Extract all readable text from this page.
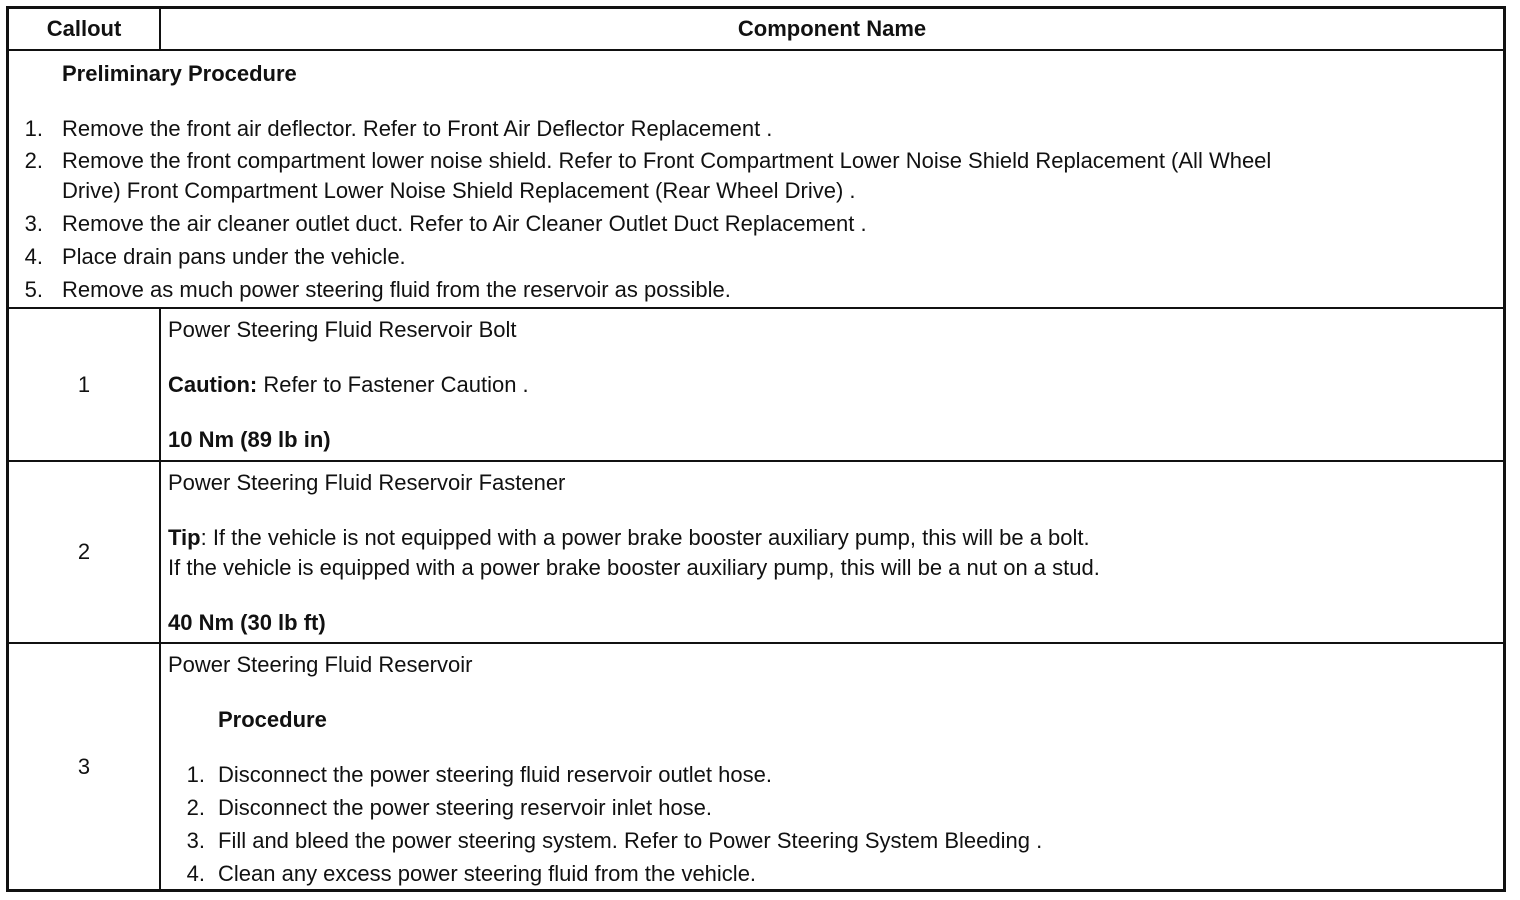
Callout	Component Name
Preliminary Procedure
1. Remove the front air deflector. Refer to Front Air Deflector Replacement .
2. Remove the front compartment lower noise shield. Refer to Front Compartment Lower Noise Shield Replacement (All Wheel
Drive) Front Compartment Lower Noise Shield Replacement (Rear Wheel Drive) .
3. Remove the air cleaner outlet duct. Refer to Air Cleaner Outlet Duct Replacement .
4. Place drain pans under the vehicle.
5. Remove as much power steering fluid from the reservoir as possible.
1
Power Steering Fluid Reservoir Bolt
Caution: Refer to Fastener Caution .
10 Nm (89 lb in)
2
Power Steering Fluid Reservoir Fastener
Tip: If the vehicle is not equipped with a power brake booster auxiliary pump, this will be a bolt.
If the vehicle is equipped with a power brake booster auxiliary pump, this will be a nut on a stud.
40 Nm (30 lb ft)
3
Power Steering Fluid Reservoir
Procedure
1. Disconnect the power steering fluid reservoir outlet hose.
2. Disconnect the power steering reservoir inlet hose.
3. Fill and bleed the power steering system. Refer to Power Steering System Bleeding .
4. Clean any excess power steering fluid from the vehicle.
